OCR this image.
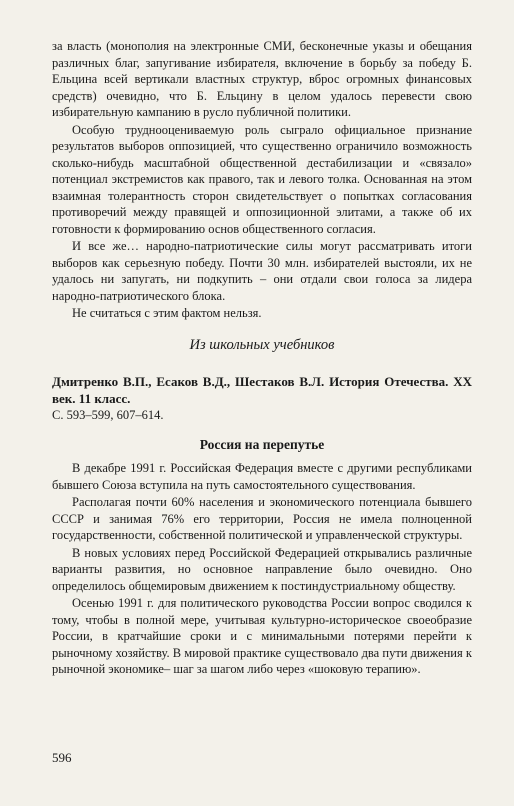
за власть (монополия на электронные СМИ, бесконечные указы и обещания различных благ, запугивание избирателя, включение в борьбу за победу Б. Ельцина всей вертикали властных структур, вброс огромных финансовых средств) очевидно, что Б. Ельцину в целом удалось перевести свою избирательную кампанию в русло публичной политики.

Особую трудноoцениваемую роль сыграло официальное признание результатов выборов оппозицией, что существенно ограничило возможность сколько-нибудь масштабной общественной дестабилизации и «связало» потенциал экстремистов как правого, так и левого толка. Основанная на этом взаимная толерантность сторон свидетельствует о попытках согласования противоречий между правящей и оппозиционной элитами, а также об их готовности к формированию основ общественного согласия.

И все же… народно-патриотические силы могут рассматривать итоги выборов как серьезную победу. Почти 30 млн. избирателей выстояли, их не удалось ни запугать, ни подкупить – они отдали свои голоса за лидера народно-патриотического блока.

Не считаться с этим фактом нельзя.

Из школьных учебников

Дмитренко В.П., Есаков В.Д., Шестаков В.Л. История Отечества. XX век. 11 класс.

С. 593–599, 607–614.

Россия на перепутье

В декабре 1991 г. Российская Федерация вместе с другими республиками бывшего Союза вступила на путь самостоятельного существования.

Располагая почти 60% населения и экономического потенциала бывшего СССР и занимая 76% его территории, Россия не имела полноценной государственности, собственной политической и управленческой структуры.

В новых условиях перед Российской Федерацией открывались различные варианты развития, но основное направление было очевидно. Оно определилось общемировым движением к постиндустриальному обществу.

Осенью 1991 г. для политического руководства России вопрос сводился к тому, чтобы в полной мере, учитывая культурно-историческое своеобразие России, в кратчайшие сроки и с минимальными потерями перейти к рыночному хозяйству. В мировой практике существовало два пути движения к рыночной экономике– шаг за шагом либо через «шоковую терапию».

596
